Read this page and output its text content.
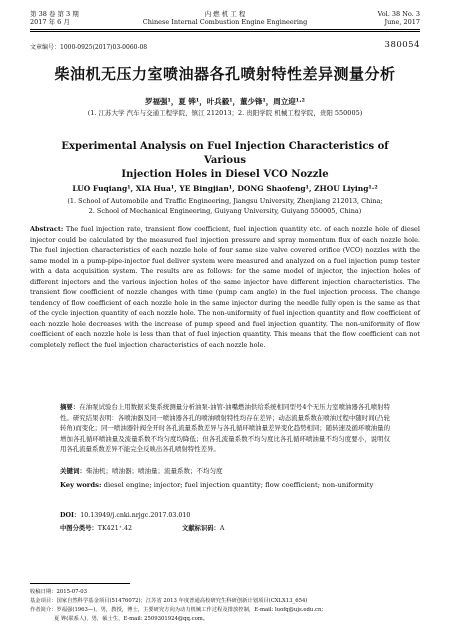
第 38 卷 第 3 期
2017 年 6 月
内 燃 机 工 程
Chinese Internal Combustion Engine Engineering
Vol. 38 No. 3
June, 2017
文章编号：1000-0925(2017)03-0060-08	380054
柴油机无压力室喷油器各孔喷射特性差异测量分析
罗福强¹，夏 铧¹，叶兵毅¹，董少锋¹，周立迎¹·²
(1. 江苏大学 汽车与交通工程学院，镇江 212013；2. 贵阳学院 机械工程学院，贵阳 550005)
Experimental Analysis on Fuel Injection Characteristics of Various
Injection Holes in Diesel VCO Nozzle
LUO Fuqiang¹, XIA Hua¹, YE Bingjian¹, DONG Shaofeng¹, ZHOU Liying¹·²
(1. School of Automobile and Traffic Engineering, Jiangsu University, Zhenjiang 212013, China;
2. School of Mechanical Engineering, Guiyang University, Guiyang 550005, China)
Abstract: The fuel injection rate, transient flow coefficient, fuel injection quantity etc. of each nozzle hole of diesel injector could be calculated by the measured fuel injection pressure and spray momentum flux of each nozzle hole. The fuel injection characteristics of each nozzle hole of four same size valve covered orifice (VCO) nozzles with the same model in a pump-pipe-injector fuel deliver system were measured and analyzed on a fuel injection pump tester with a data acquisition system. The results are as follows: for the same model of injector, the injection holes of different injectors and the various injection holes of the same injector have different injection characteristics. The transient flow coefficient of nozzle changes with time (pump cam angle) in the fuel injection process. The change tendency of flow coefficient of each nozzle hole in the same injector during the needle fully open is the same as that of the cycle injection quantity of each nozzle hole. The non-uniformity of fuel injection quantity and flow coefficient of each nozzle hole decreases with the increase of pump speed and fuel injection quantity. The non-uniformity of flow coefficient of each nozzle hole is less than that of fuel injection quantity. This means that the flow coefficient can not completely reflect the fuel injection characteristics of each nozzle hole.
摘要：在油泵试验台上用数据采集系统测量分析油泵-油管-油嘴燃油供给系统相同型号4个无压力室喷油器各孔喷射特性。研究结果表明：各喷油器及同一喷油器各孔的喷油喷射特性均存在差异；动态流量系数在喷油过程中随时间(凸轮转角)而变化；同一喷油器针阀全开时各孔流量系数差异与各孔循环喷油量差异变化趋势相同；随转速及循环喷油量的增加各孔循环喷油量及流量系数不均匀度均降低；但各孔流量系数不均匀度比各孔循环喷油量不均匀度要小，说明仅用各孔流量系数差异不能完全反映出各孔喷射特性差异。
关键词：柴油机；喷油器；喷油量；流量系数；不均匀度
Key words: diesel engine; injector; fuel injection quantity; flow coefficient; non-uniformity
DOI：10.13949/j.cnki.nrjgc.2017.03.010
中图分类号：TK421⁺.42	文献标识码：A
收稿日期：2015-07-03
基金项目：国家自然科学基金项目(51476072)；江苏省 2013 年度普通高校研究生科研创新计划项目(CXLX13_654)
作者简介：罗福强(1963—)，男，教授，博士，主要研究方向为动力机械工作过程及排放控制，E-mail: luofq@ujs.edu.cn;
夏 铧(联系人)，男，硕士生，E-mail: 2509301924@qq.com。
